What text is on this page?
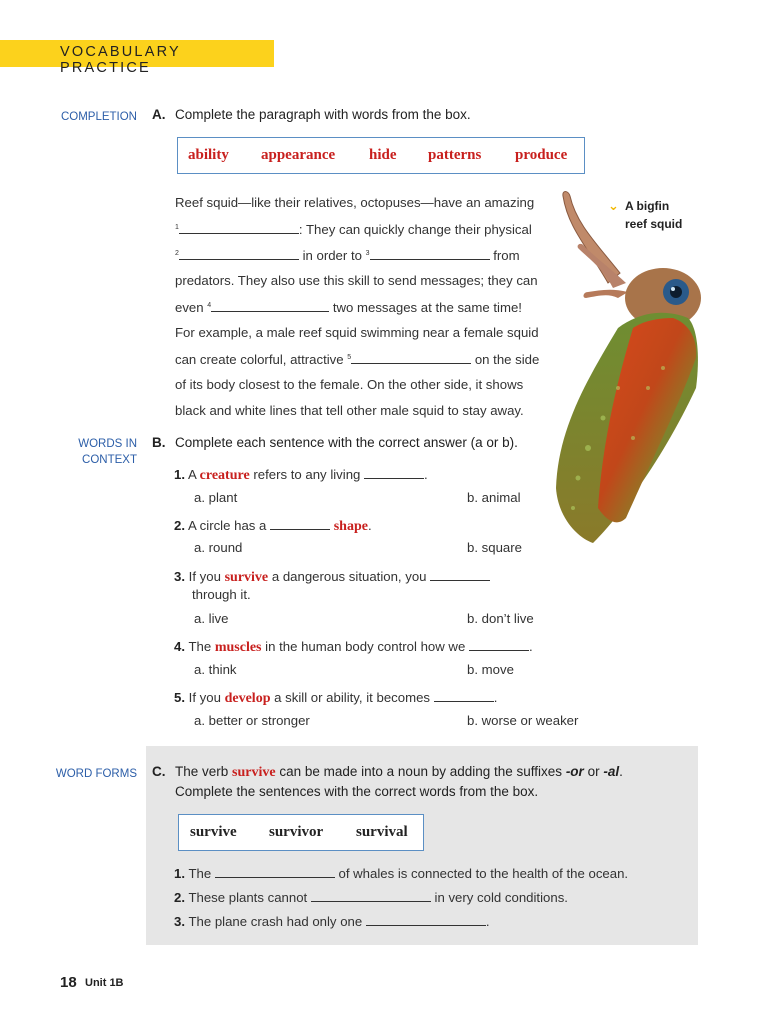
VOCABULARY PRACTICE
COMPLETION A. Complete the paragraph with words from the box.
ability appearance hide patterns produce
Reef squid—like their relatives, octopuses—have an amazing
$^1$	: They can quickly change their physical
$^2$	in order to $^3$	from
predators. They also use this skill to send messages; they can
even $^4$	two messages at the same time!
For example, a male reef squid swimming near a female squid
can create colorful, attractive $^5$	on the side
of its body closest to the female. On the other side, it shows
black and white lines that tell other male squid to stay away.
⌄ A bigfin
reef squid
WORDS IN
CONTEXT
B. Complete each sentence with the correct answer (a or b).
1. A creature refers to any living	.
a. plant	b. animal
2. A circle has a	shape.
a. round	b. square
3. If you survive a dangerous situation, you
through it.
a. live	b. don’t live
4. The muscles in the human body control how we	.
a. think	b. move
5. If you develop a skill or ability, it becomes	.
a. better or stronger	b. worse or weaker
WORD FORMS C. The verb survive can be made into a noun by adding the suffixes -or or -al.
Complete the sentences with the correct words from the box.
survive survivor survival
1. The	of whales is connected to the health of the ocean.
2. These plants cannot	in very cold conditions.
3. The plane crash had only one	.
18 Unit 1B
